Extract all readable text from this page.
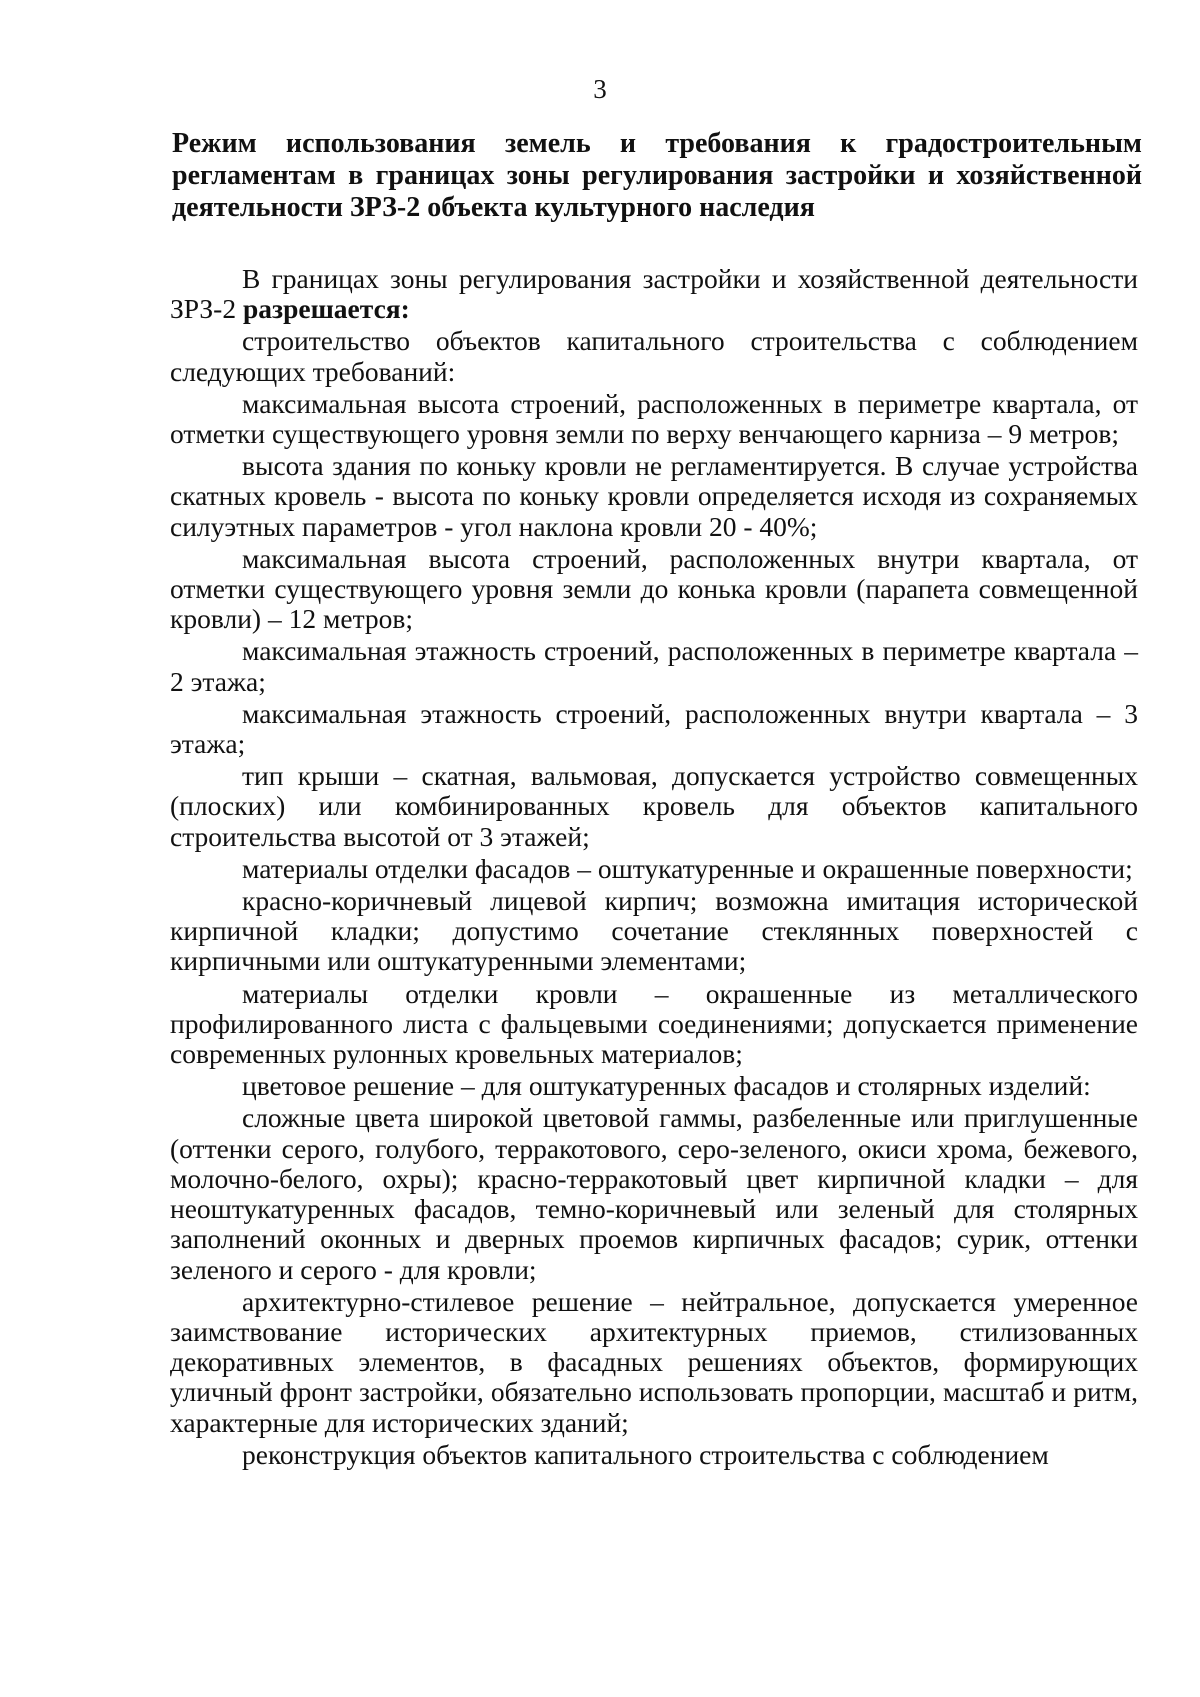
3
Режим использования земель и требования к градостроительным регламентам в границах зоны регулирования застройки и хозяйственной деятельности ЗРЗ-2 объекта культурного наследия

В границах зоны регулирования застройки и хозяйственной деятельности ЗРЗ-2 разрешается:

строительство объектов капитального строительства с соблюдением следующих требований:

максимальная высота строений, расположенных в периметре квартала, от отметки существующего уровня земли по верху венчающего карниза – 9 метров;

высота здания по коньку кровли не регламентируется. В случае устройства скатных кровель - высота по коньку кровли определяется исходя из сохраняемых силуэтных параметров - угол наклона кровли 20 - 40%;

максимальная высота строений, расположенных внутри квартала, от отметки существующего уровня земли до конька кровли (парапета совмещенной кровли) – 12 метров;

максимальная этажность строений, расположенных в периметре квартала – 2 этажа;

максимальная этажность строений, расположенных внутри квартала – 3 этажа;

тип крыши – скатная, вальмовая, допускается устройство совмещенных (плоских) или комбинированных кровель для объектов капитального строительства высотой от 3 этажей;

материалы отделки фасадов – оштукатуренные и окрашенные поверхности;

красно-коричневый лицевой кирпич; возможна имитация исторической кирпичной кладки; допустимо сочетание стеклянных поверхностей с кирпичными или оштукатуренными элементами;

материалы отделки кровли – окрашенные из металлического профилированного листа с фальцевыми соединениями; допускается применение современных рулонных кровельных материалов;

цветовое решение – для оштукатуренных фасадов и столярных изделий:

сложные цвета широкой цветовой гаммы, разбеленные или приглушенные (оттенки серого, голубого, терракотового, серо-зеленого, окиси хрома, бежевого, молочно-белого, охры); красно-терракотовый цвет кирпичной кладки – для неоштукатуренных фасадов, темно-коричневый или зеленый для столярных заполнений оконных и дверных проемов кирпичных фасадов; сурик, оттенки зеленого и серого - для кровли;

архитектурно-стилевое решение – нейтральное, допускается умеренное заимствование исторических архитектурных приемов, стилизованных декоративных элементов, в фасадных решениях объектов, формирующих уличный фронт застройки, обязательно использовать пропорции, масштаб и ритм, характерные для исторических зданий;

реконструкция объектов капитального строительства с соблюдением
